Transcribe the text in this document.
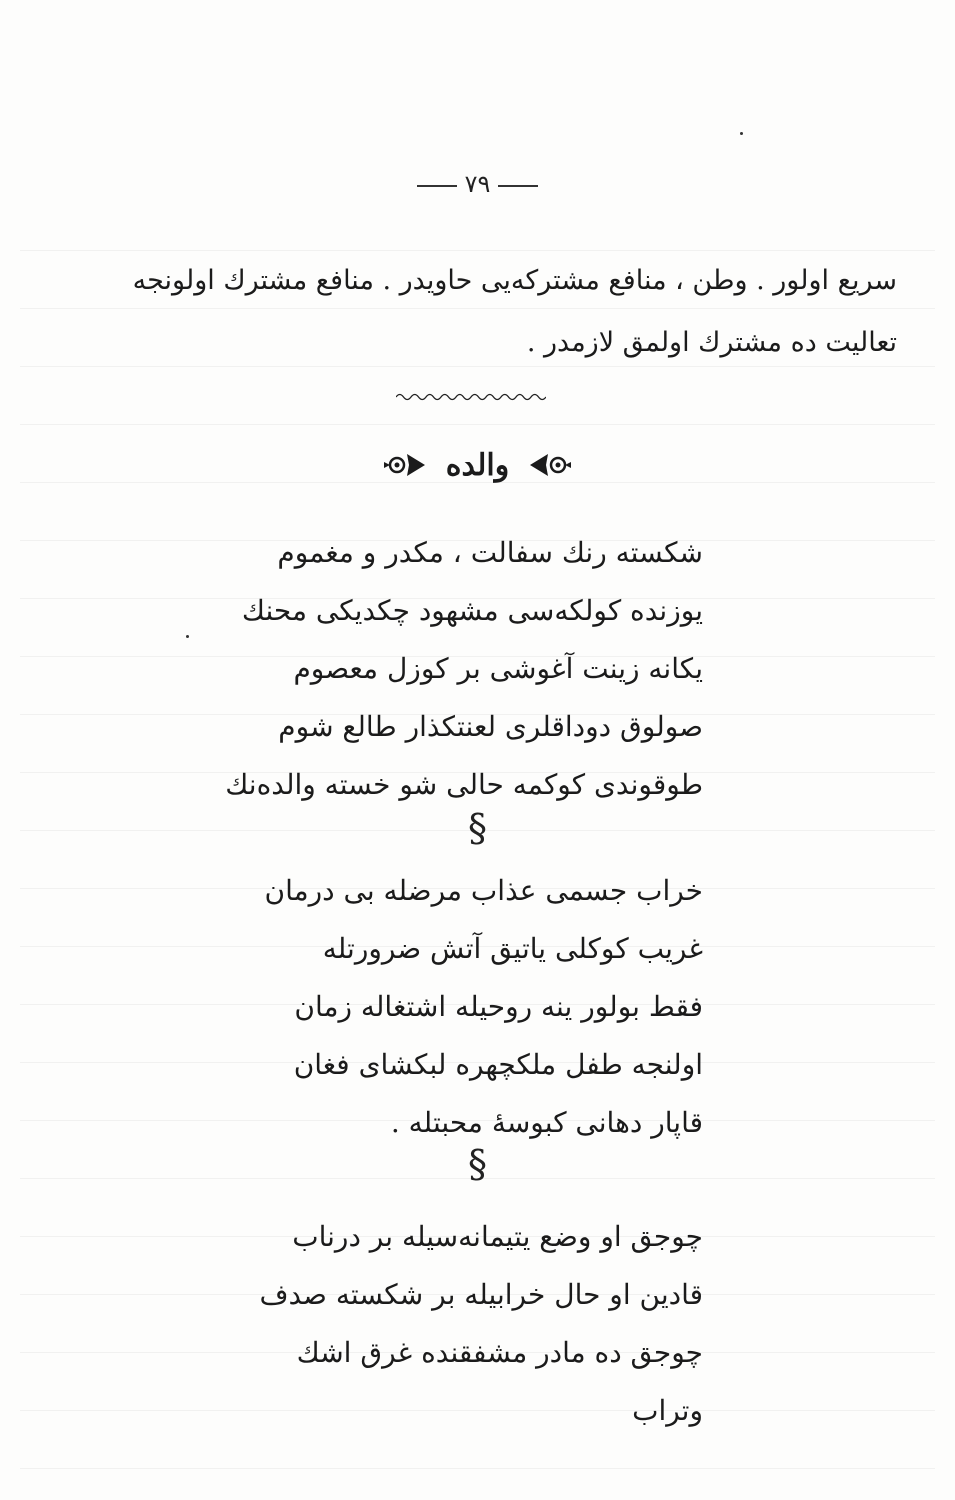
٧٩
سريع اولور . وطن ، منافع مشتركه‌يی حاويدر . منافع مشترك اولونجه
تعاليت ده مشترك اولمق لازمدر .
والده
شكسته رنك سفالت ، مكدر و مغموم
يوزنده كولكه‌سی مشهود چكديكی محنك
يكانه زينت آغوشی بر كوزل معصوم
صولوق دوداقلری لعنتكذار طالع شوم
طوقوندی كوكمه حالی شو خسته والده‌نك
§
خراب جسمی عذاب مرضله بی درمان
غريب كوكلی ياتيق آتش ضرورتله
فقط بولور ينه روحيله اشتغاله زمان
اولنجه طفل ملكچهره لبكشای فغان
قاپار دهانی كبوسهٔ محبتله .
§
چوجق او وضع يتيمانه‌سيله بر درناب
قادين او حال خرابيله بر شكسته صدف
چوجق ده مادر مشفقنده غرق اشك
وتراب
